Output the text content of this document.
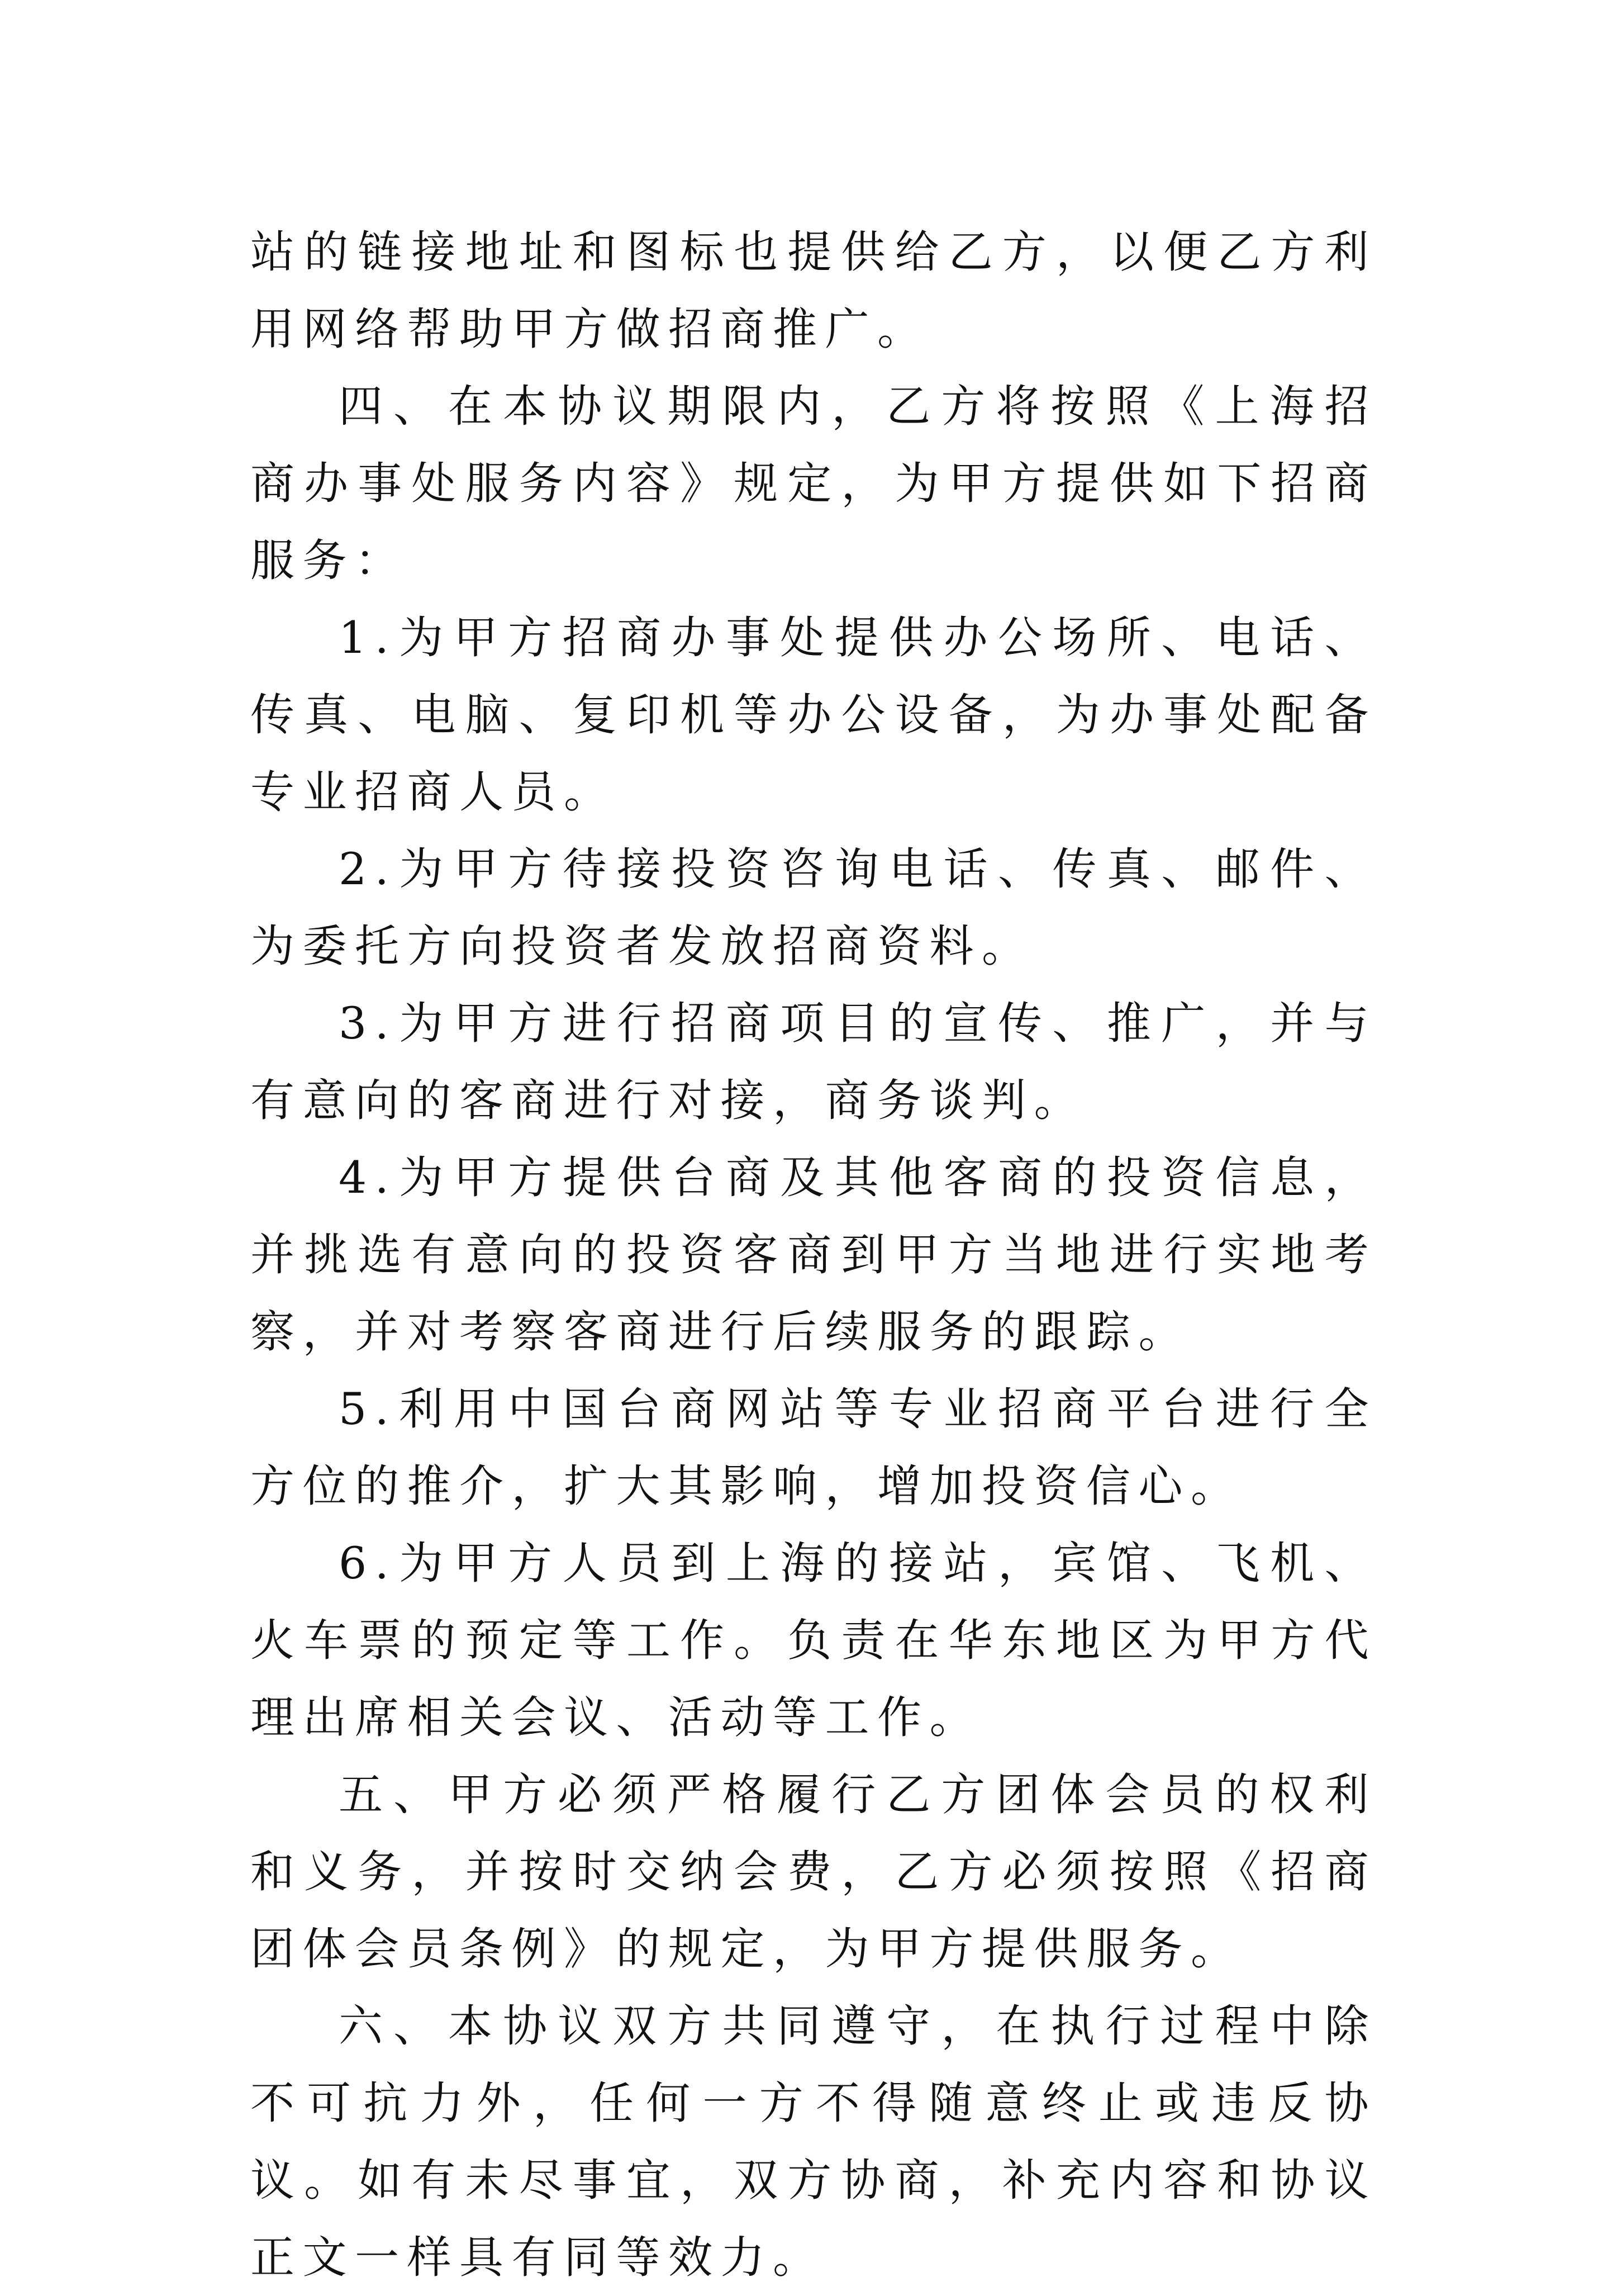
站的链接地址和图标也提供给乙方，以便乙方利用网络帮助甲方做招商推广。

四、在本协议期限内，乙方将按照《上海招商办事处服务内容》规定，为甲方提供如下招商服务：

1.为甲方招商办事处提供办公场所、电话、传真、电脑、复印机等办公设备，为办事处配备专业招商人员。

2.为甲方待接投资咨询电话、传真、邮件、为委托方向投资者发放招商资料。

3.为甲方进行招商项目的宣传、推广，并与有意向的客商进行对接，商务谈判。

4.为甲方提供台商及其他客商的投资信息，并挑选有意向的投资客商到甲方当地进行实地考察，并对考察客商进行后续服务的跟踪。

5.利用中国台商网站等专业招商平台进行全方位的推介，扩大其影响，增加投资信心。

6.为甲方人员到上海的接站，宾馆、飞机、火车票的预定等工作。负责在华东地区为甲方代理出席相关会议、活动等工作。

五、甲方必须严格履行乙方团体会员的权利和义务，并按时交纳会费，乙方必须按照《招商团体会员条例》的规定，为甲方提供服务。

六、本协议双方共同遵守，在执行过程中除不可抗力外，任何一方不得随意终止或违反协议。如有未尽事宜，双方协商，补充内容和协议正文一样具有同等效力。
